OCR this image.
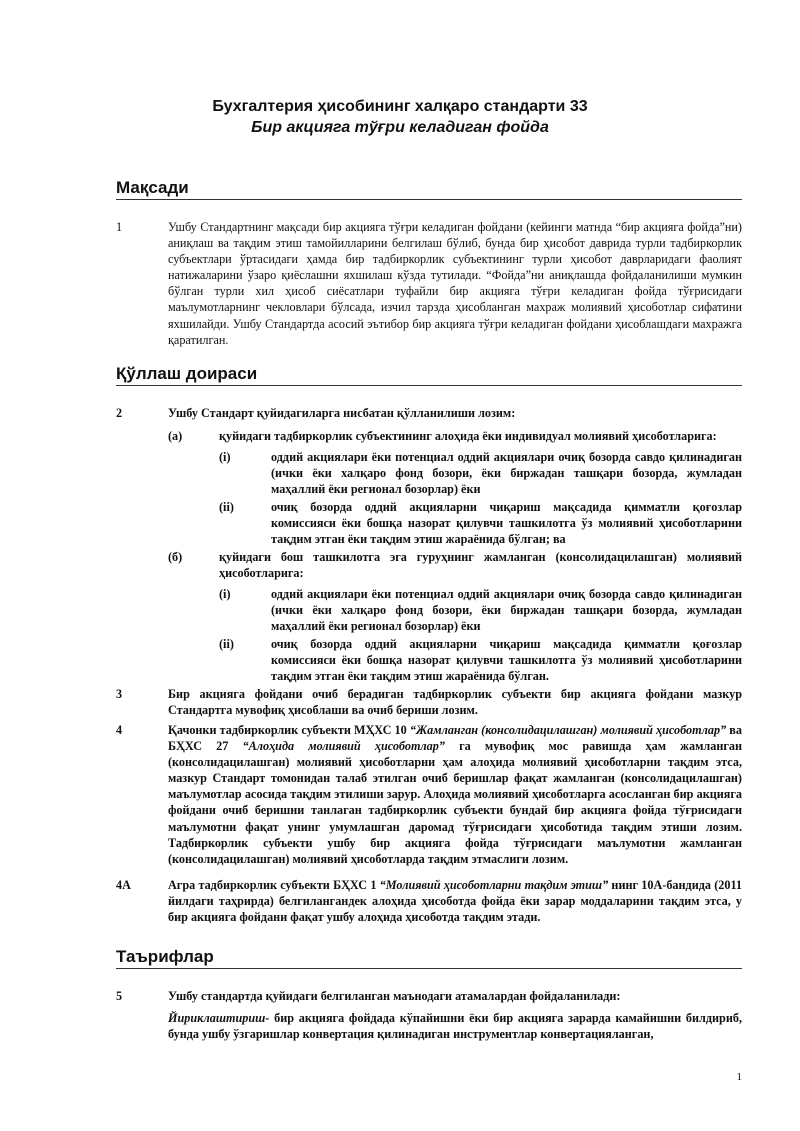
Бухгалтерия ҳисобининг халқаро стандарти 33
Бир акцияга тўғри келадиган фойда
Мақсади
1	Ушбу Стандартнинг мақсади бир акцияга тўғри келадиган фойдани (кейинги матнда “бир акцияга фойда”ни) аниқлаш ва тақдим этиш тамойилларини белгилаш бўлиб, бунда бир ҳисобот даврида турли тадбиркорлик субъектлари ўртасидаги ҳамда бир тадбиркорлик субъектининг турли ҳисобот даврларидаги фаолият натижаларини ўзаро қиёслашни яхшилаш кўзда тутилади. “Фойда”ни аниқлашда фойдаланилиши мумкин бўлган турли хил ҳисоб сиёсатлари туфайли бир акцияга тўғри келадиган фойда тўғрисидаги маълумотларнинг чекловлари бўлсада, изчил тарзда ҳисобланган махраж молиявий ҳисоботлар сифатини яхшилайди. Ушбу Стандартда асосий эътибор бир акцияга тўғри келадиган фойдани ҳисоблашдаги махражга қаратилган.
Қўллаш доираси
2	Ушбу Стандарт қуйидагиларга нисбатан қўлланилиши лозим:
(а)	қуйидаги тадбиркорлик субъектининг алоҳида ёки индивидуал молиявий ҳисоботларига:
(i)	оддий акциялари ёки потенциал оддий акциялари очиқ бозорда савдо қилинадиган (ички ёки халқаро фонд бозори, ёки биржадан ташқари бозорда, жумладан маҳаллий ёки регионал бозорлар) ёки
(ii)	очиқ бозорда оддий акцияларни чиқариш мақсадида қимматли қоғозлар комиссияси ёки бошқа назорат қилувчи ташкилотга ўз молиявий ҳисоботларини тақдим этган ёки тақдим этиш жараёнида бўлган; ва
(б)	қуйидаги бош ташкилотга эга гуруҳнинг жамланган (консолидацилашган) молиявий ҳисоботларига:
(i)	оддий акциялари ёки потенциал оддий акциялари очиқ бозорда савдо қилинадиган (ички ёки халқаро фонд бозори, ёки биржадан ташқари бозорда, жумладан маҳаллий ёки регионал бозорлар) ёки
(ii)	очиқ бозорда оддий акцияларни чиқариш мақсадида қимматли қоғозлар комиссияси ёки бошқа назорат қилувчи ташкилотга ўз молиявий ҳисоботларини тақдим этган ёки тақдим этиш жараёнида бўлган.
3	Бир акцияга фойдани очиб берадиган тадбиркорлик субъекти бир акцияга фойдани мазкур Стандартга мувофиқ ҳисоблаши ва очиб бериши лозим.
4	Қачонки тадбиркорлик субъекти МҲХС 10 “Жамланган (консолидацилашган) молиявий ҳисоботлар” ва БҲХС 27 “Алоҳида молиявий ҳисоботлар” га мувофиқ мос равишда ҳам жамланган (консолидацилашган) молиявий ҳисоботларни ҳам алоҳида молиявий ҳисоботларни тақдим этса, мазкур Стандарт томонидан талаб этилган очиб беришлар фақат жамланган (консолидацилашган) маълумотлар асосида тақдим этилиши зарур. Алоҳида молиявий ҳисоботларга асосланган бир акцияга фойдани очиб беришни танлаган тадбиркорлик субъекти бундай бир акцияга фойда тўғрисидаги маълумотни фақат унинг умумлашган даромад тўғрисидаги ҳисоботида тақдим этиши лозим. Тадбиркорлик субъекти ушбу бир акцияга фойда тўғрисидаги маълумотни жамланган (консолидацилашган) молиявий ҳисоботларда тақдим этмаслиги лозим.
4А	Агра тадбиркорлик субъекти БҲХС 1 “Молиявий ҳисоботларни тақдим этиш” нинг 10А-бандида (2011 йилдаги таҳрирда) белгилангандек алоҳида ҳисоботда фойда ёки зарар моддаларини тақдим этса, у бир акцияга фойдани фақат ушбу алоҳида ҳисоботда тақдим этади.
Таърифлар
5	Ушбу стандартда қуйидаги белгиланган маънодаги атамалардан фойдаланилади:
Йириклаштириш- бир акцияга фойдада кўпайишни ёки бир акцияга зарарда камайишни билдириб, бунда ушбу ўзгаришлар конвертация қилинадиган инструментлар конвертацияланган,
1
